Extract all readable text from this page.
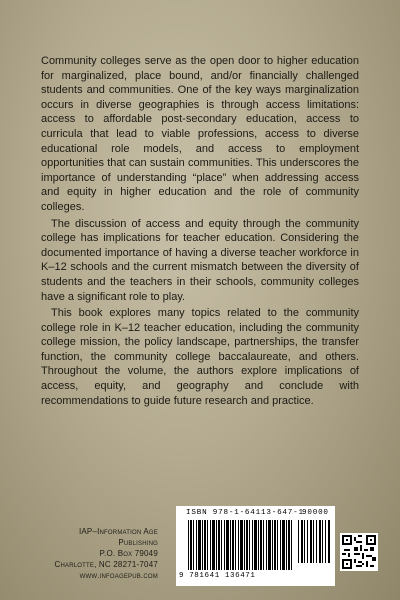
Community colleges serve as the open door to higher education for marginalized, place bound, and/or financially challenged students and communities. One of the key ways marginalization occurs in diverse geographies is through access limitations: access to affordable post-secondary education, access to curricula that lead to viable professions, access to diverse educational role models, and access to employment opportunities that can sustain communities. This underscores the importance of understanding “place” when addressing access and equity in higher education and the role of community colleges.

The discussion of access and equity through the community college has implications for teacher education. Considering the documented importance of having a diverse teacher workforce in K–12 schools and the current mismatch between the diversity of students and the teachers in their schools, community colleges have a significant role to play.

This book explores many topics related to the community college role in K–12 teacher education, including the community college mission, the policy landscape, partnerships, the transfer function, the community college baccalaureate, and others. Throughout the volume, the authors explore implications of access, equity, and geography and conclude with recommendations to guide future research and practice.

IAP–Information Age Publishing
P.O. Box 79049
Charlotte, NC 28271-7047
www.infoagepub.com
ISBN 978-1-64113-647-1
9 781641 136471
90000
